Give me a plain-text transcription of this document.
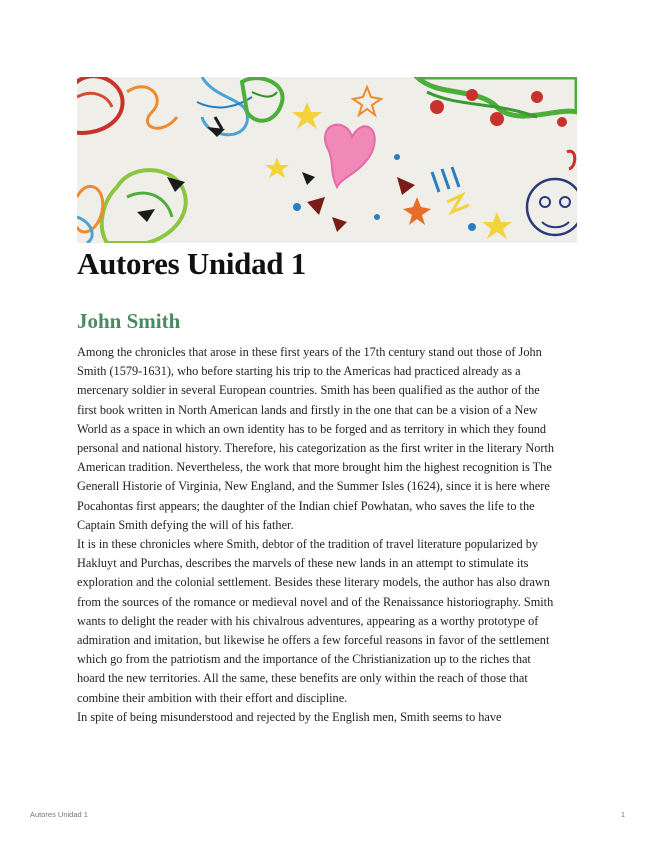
Autores Unidad 1
John Smith

Among the chronicles that arose in these first years of the 17th century stand out those of John Smith (1579-1631), who before starting his trip to the Americas had practiced already as a mercenary soldier in several European countries. Smith has been qualified as the author of the first book written in North American lands and firstly in the one that can be a vision of a New World as a space in which an own identity has to be forged and as territory in which they found personal and national history. Therefore, his categorization as the first writer in the literary North American tradition. Nevertheless, the work that more brought him the highest recognition is The Generall Historie of Virginia, New England, and the Summer Isles (1624), since it is here where Pocahontas first appears; the daughter of the Indian chief Powhatan, who saves the life to the Captain Smith defying the will of his father.

It is in these chronicles where Smith, debtor of the tradition of travel literature popularized by Hakluyt and Purchas, describes the marvels of these new lands in an attempt to stimulate its exploration and the colonial settlement. Besides these literary models, the author has also drawn from the sources of the romance or medieval novel and of the Renaissance historiography. Smith wants to delight the reader with his chivalrous adventures, appearing as a worthy prototype of admiration and imitation, but likewise he offers a few forceful reasons in favor of the settlement which go from the patriotism and the importance of the Christianization up to the riches that hoard the new territories. All the same, these benefits are only within the reach of those that combine their ambition with their effort and discipline.

In spite of being misunderstood and rejected by the English men, Smith seems to have

Autores Unidad 1	1
